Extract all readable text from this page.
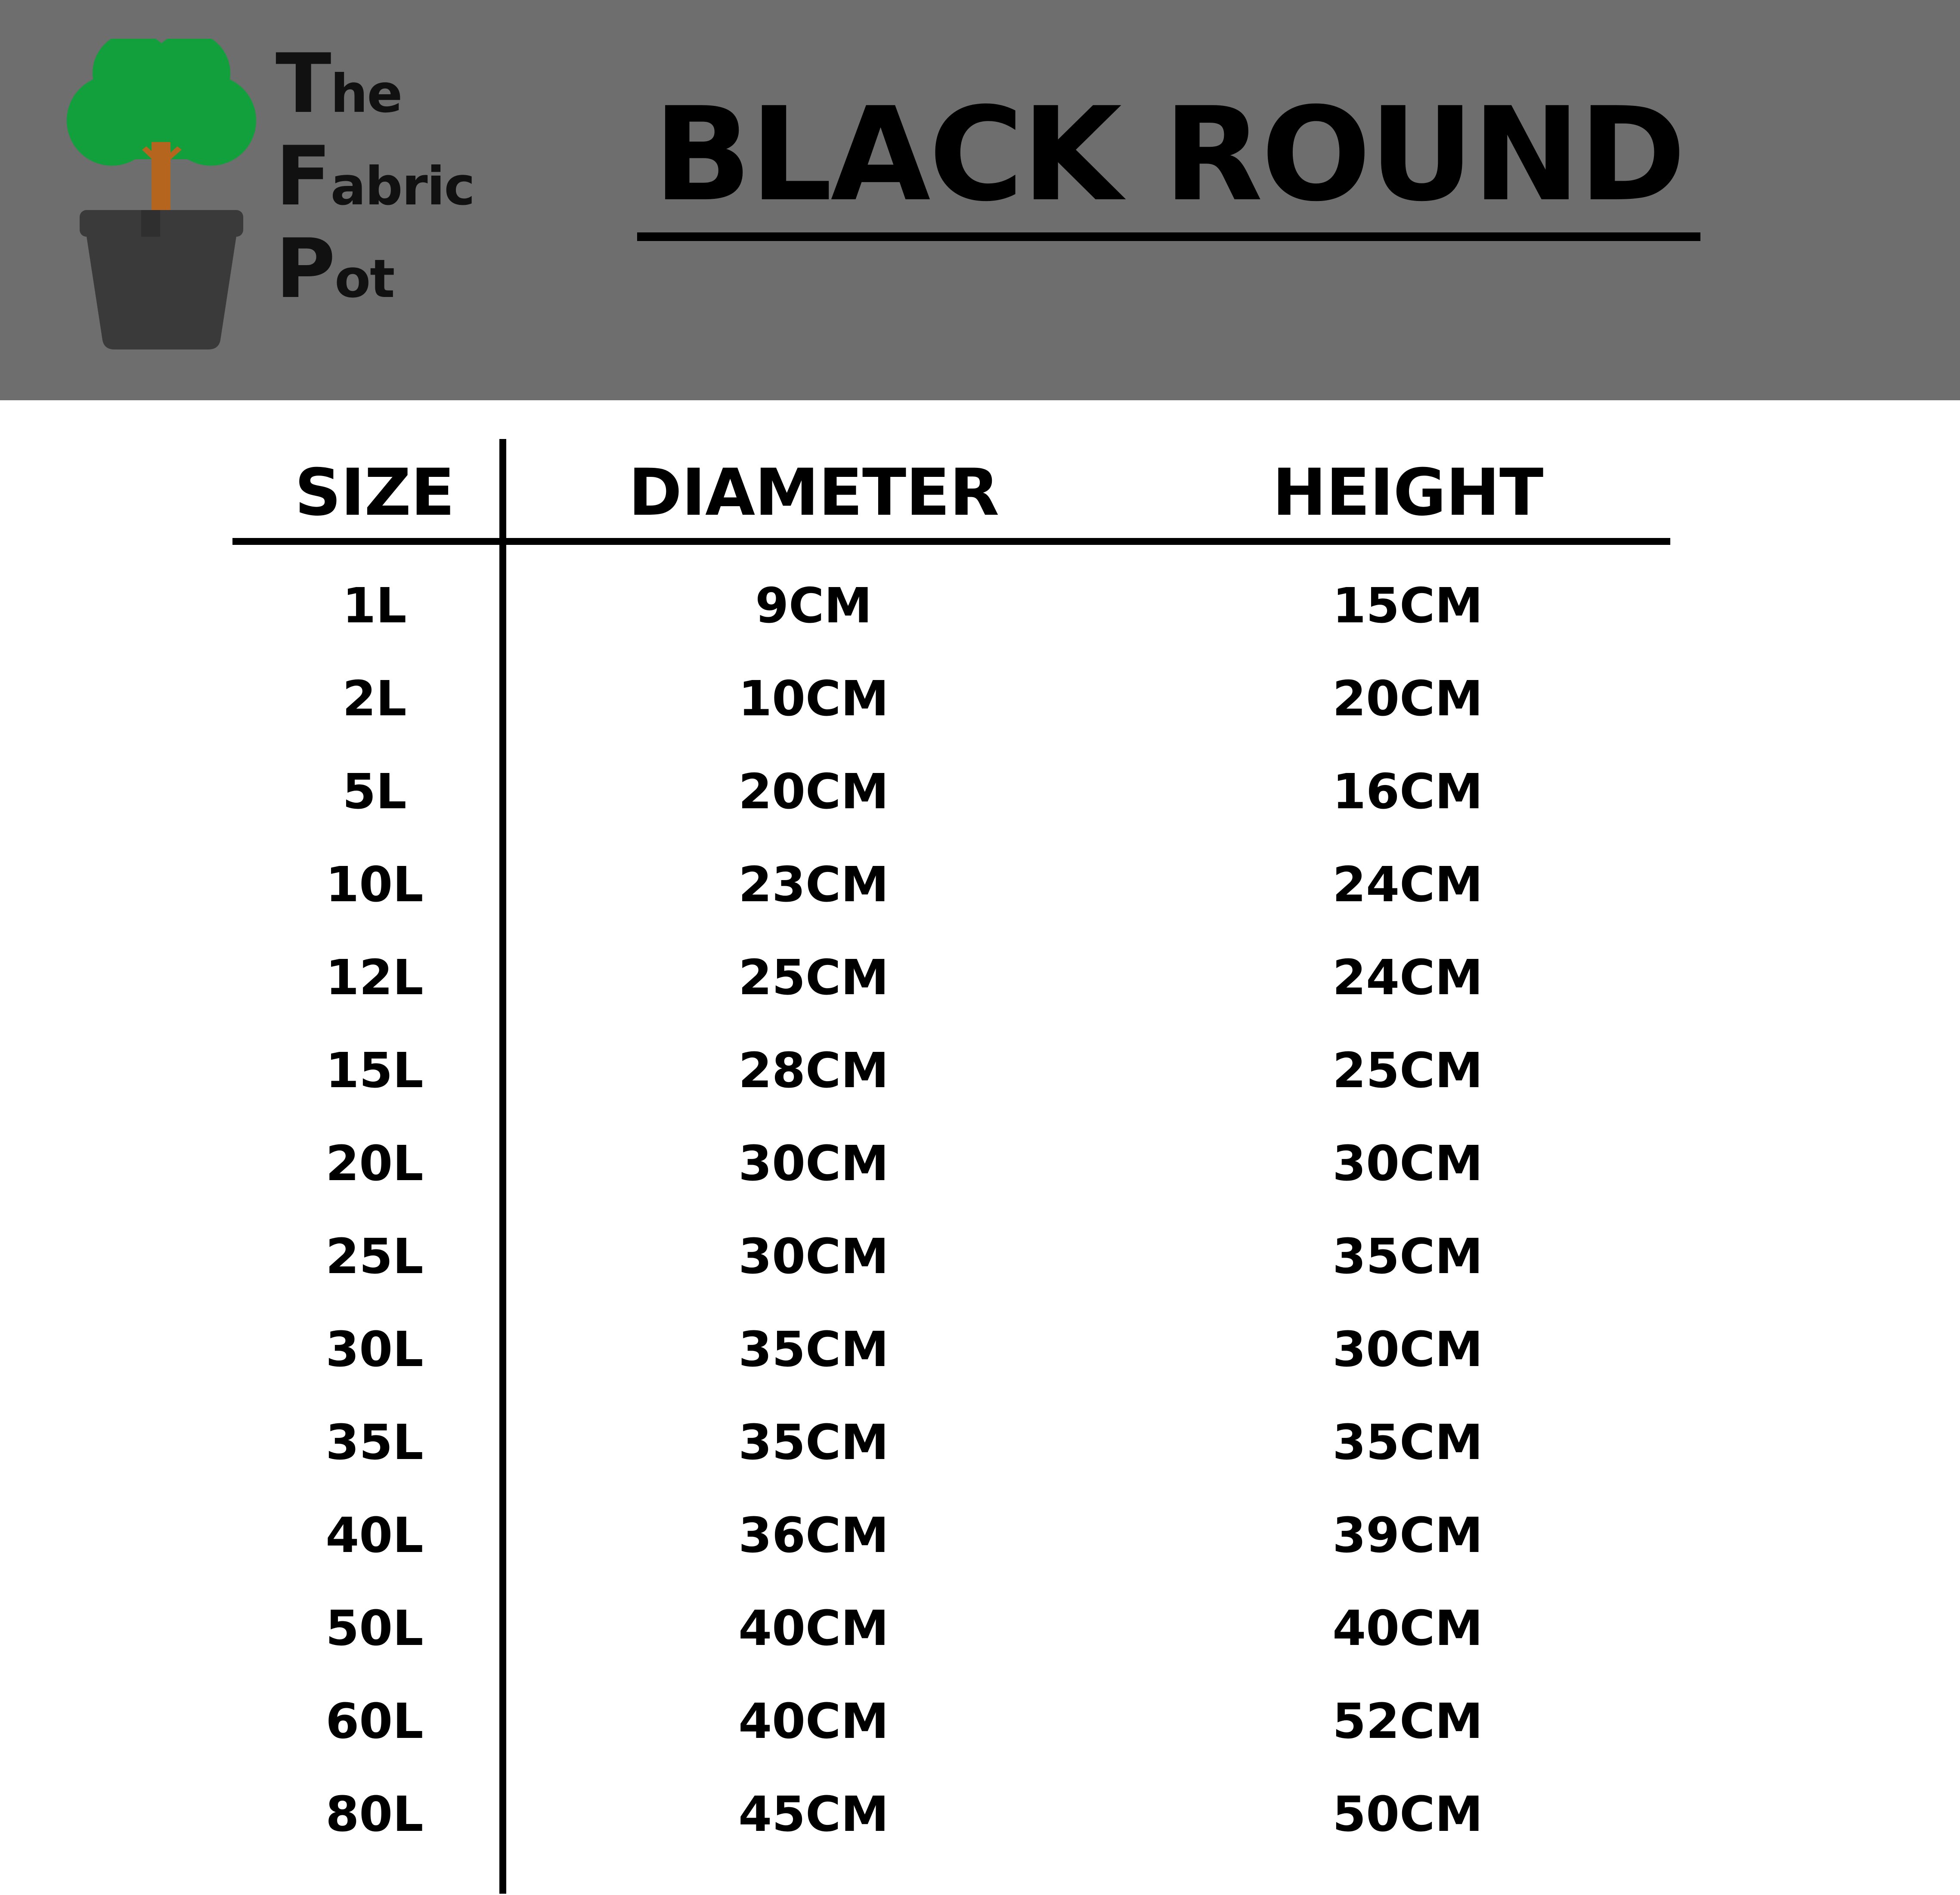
The
Fabric
Pot
BLACK ROUND
SIZE	DIAMETER	HEIGHT
1L	9CM	15CM
2L	10CM	20CM
5L	20CM	16CM
10L	23CM	24CM
12L	25CM	24CM
15L	28CM	25CM
20L	30CM	30CM
25L	30CM	35CM
30L	35CM	30CM
35L	35CM	35CM
40L	36CM	39CM
50L	40CM	40CM
60L	40CM	52CM
80L	45CM	50CM
